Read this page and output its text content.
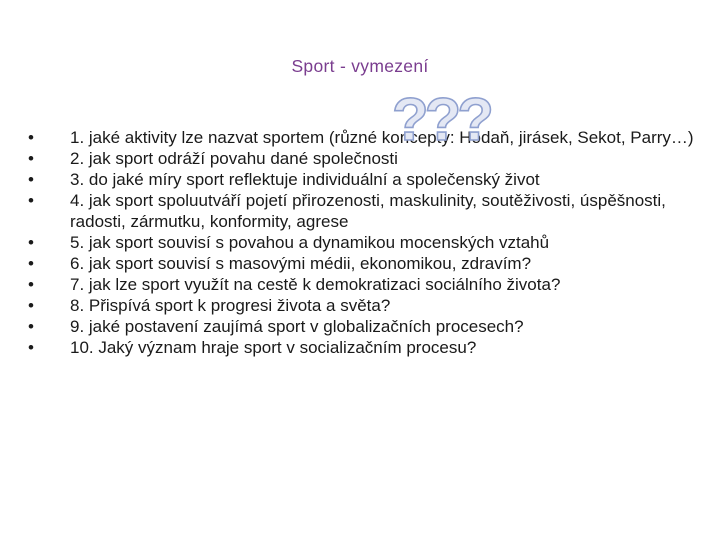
Sport - vymezení
•	1. jaké aktivity lze nazvat sportem (různé koncepty: Hodaň, jirásek, Sekot, Parry…)
•	2. jak sport odráží povahu dané společnosti
•	3. do jaké míry sport reflektuje individuální a společenský život
•	4. jak sport spoluutváří pojetí přirozenosti, maskulinity, soutěživosti, úspěšnosti, radosti, zármutku, konformity, agrese
•	5. jak sport souvisí s povahou a dynamikou mocenských vztahů
•	6. jak sport souvisí s masovými médii, ekonomikou, zdravím?
•	7. jak lze sport využít na cestě k demokratizaci sociálního života?
•	8. Přispívá sport k progresi života a světa?
•	9. jaké postavení zaujímá sport v globalizačních procesech?
•	10. Jaký význam hraje sport v socializačním procesu?
???
